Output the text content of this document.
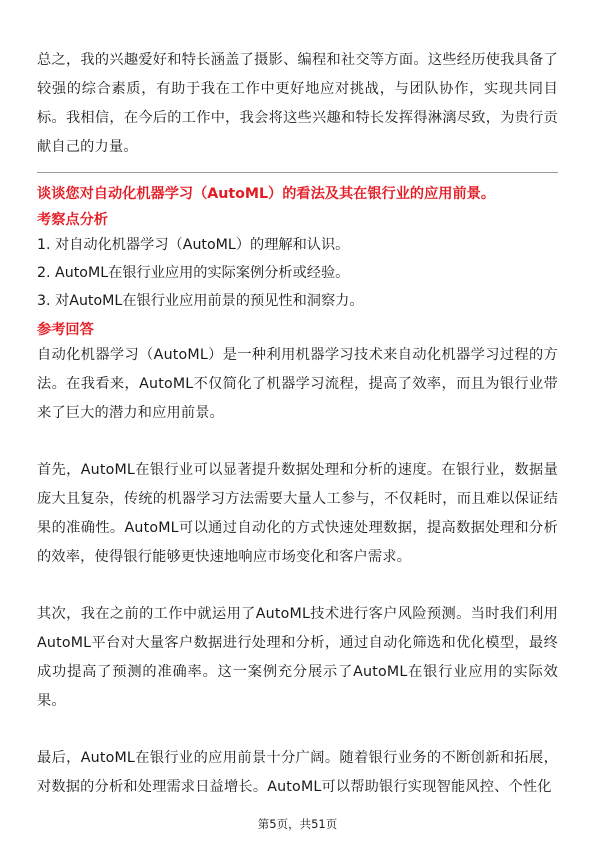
总之，我的兴趣爱好和特长涵盖了摄影、编程和社交等方面。这些经历使我具备了较强的综合素质，有助于我在工作中更好地应对挑战，与团队协作，实现共同目标。我相信，在今后的工作中，我会将这些兴趣和特长发挥得淋漓尽致，为贵行贡献自己的力量。

谈谈您对自动化机器学习（AutoML）的看法及其在银行业的应用前景。

考察点分析

1. 对自动化机器学习（AutoML）的理解和认识。

2. AutoML在银行业应用的实际案例分析或经验。

3. 对AutoML在银行业应用前景的预见性和洞察力。

参考回答

自动化机器学习（AutoML）是一种利用机器学习技术来自动化机器学习过程的方法。在我看来，AutoML不仅简化了机器学习流程，提高了效率，而且为银行业带来了巨大的潜力和应用前景。

首先，AutoML在银行业可以显著提升数据处理和分析的速度。在银行业，数据量庞大且复杂，传统的机器学习方法需要大量人工参与，不仅耗时，而且难以保证结果的准确性。AutoML可以通过自动化的方式快速处理数据，提高数据处理和分析的效率，使得银行能够更快速地响应市场变化和客户需求。

其次，我在之前的工作中就运用了AutoML技术进行客户风险预测。当时我们利用AutoML平台对大量客户数据进行处理和分析，通过自动化筛选和优化模型，最终成功提高了预测的准确率。这一案例充分展示了AutoML在银行业应用的实际效果。

最后，AutoML在银行业的应用前景十分广阔。随着银行业务的不断创新和拓展，对数据的分析和处理需求日益增长。AutoML可以帮助银行实现智能风控、个性化

第5页，共51页
